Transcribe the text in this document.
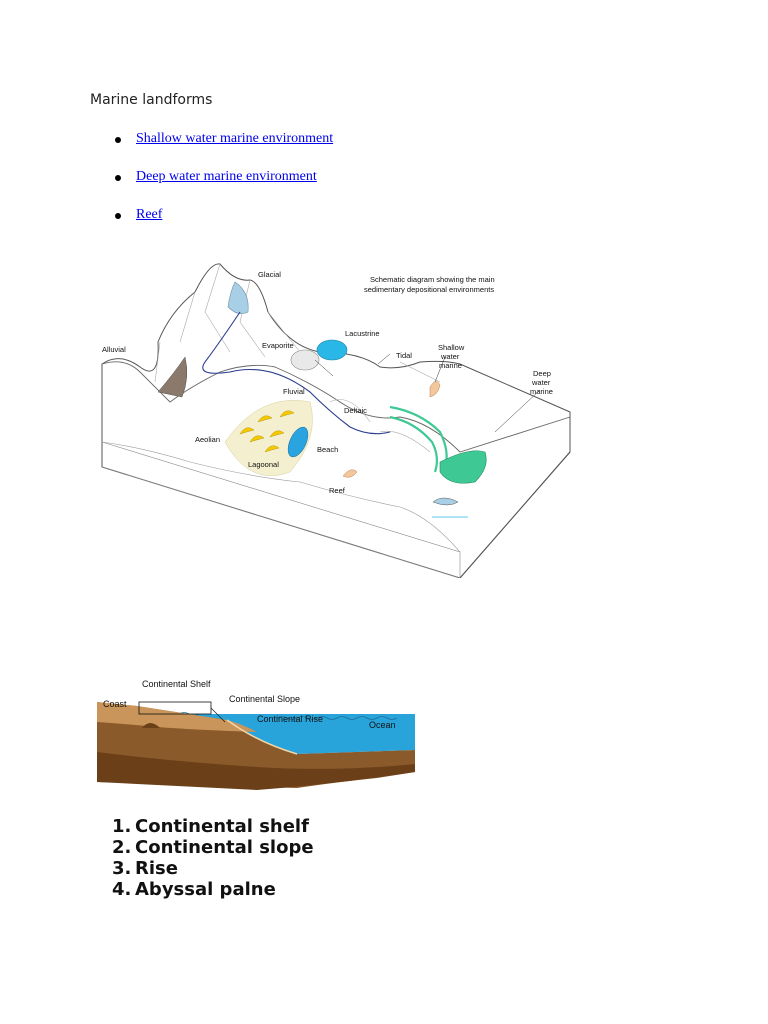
Marine landforms
Shallow water marine environment
Deep water marine environment
Reef
Glacial
Alluvial	Evaporite
Lacustrine
Tidal
Shallow
water
marine
Deep
water
marine
Fluvial
Deltaic
Aeolian
Beach
Lagoonal
Reef
Schematic diagram showing the main
sedimentary depositional environments
Continental Shelf
Continental Slope
Coast
Continental Rise
Ocean
1. Continental shelf
2. Continental slope
3. Rise
4. Abyssal palne
